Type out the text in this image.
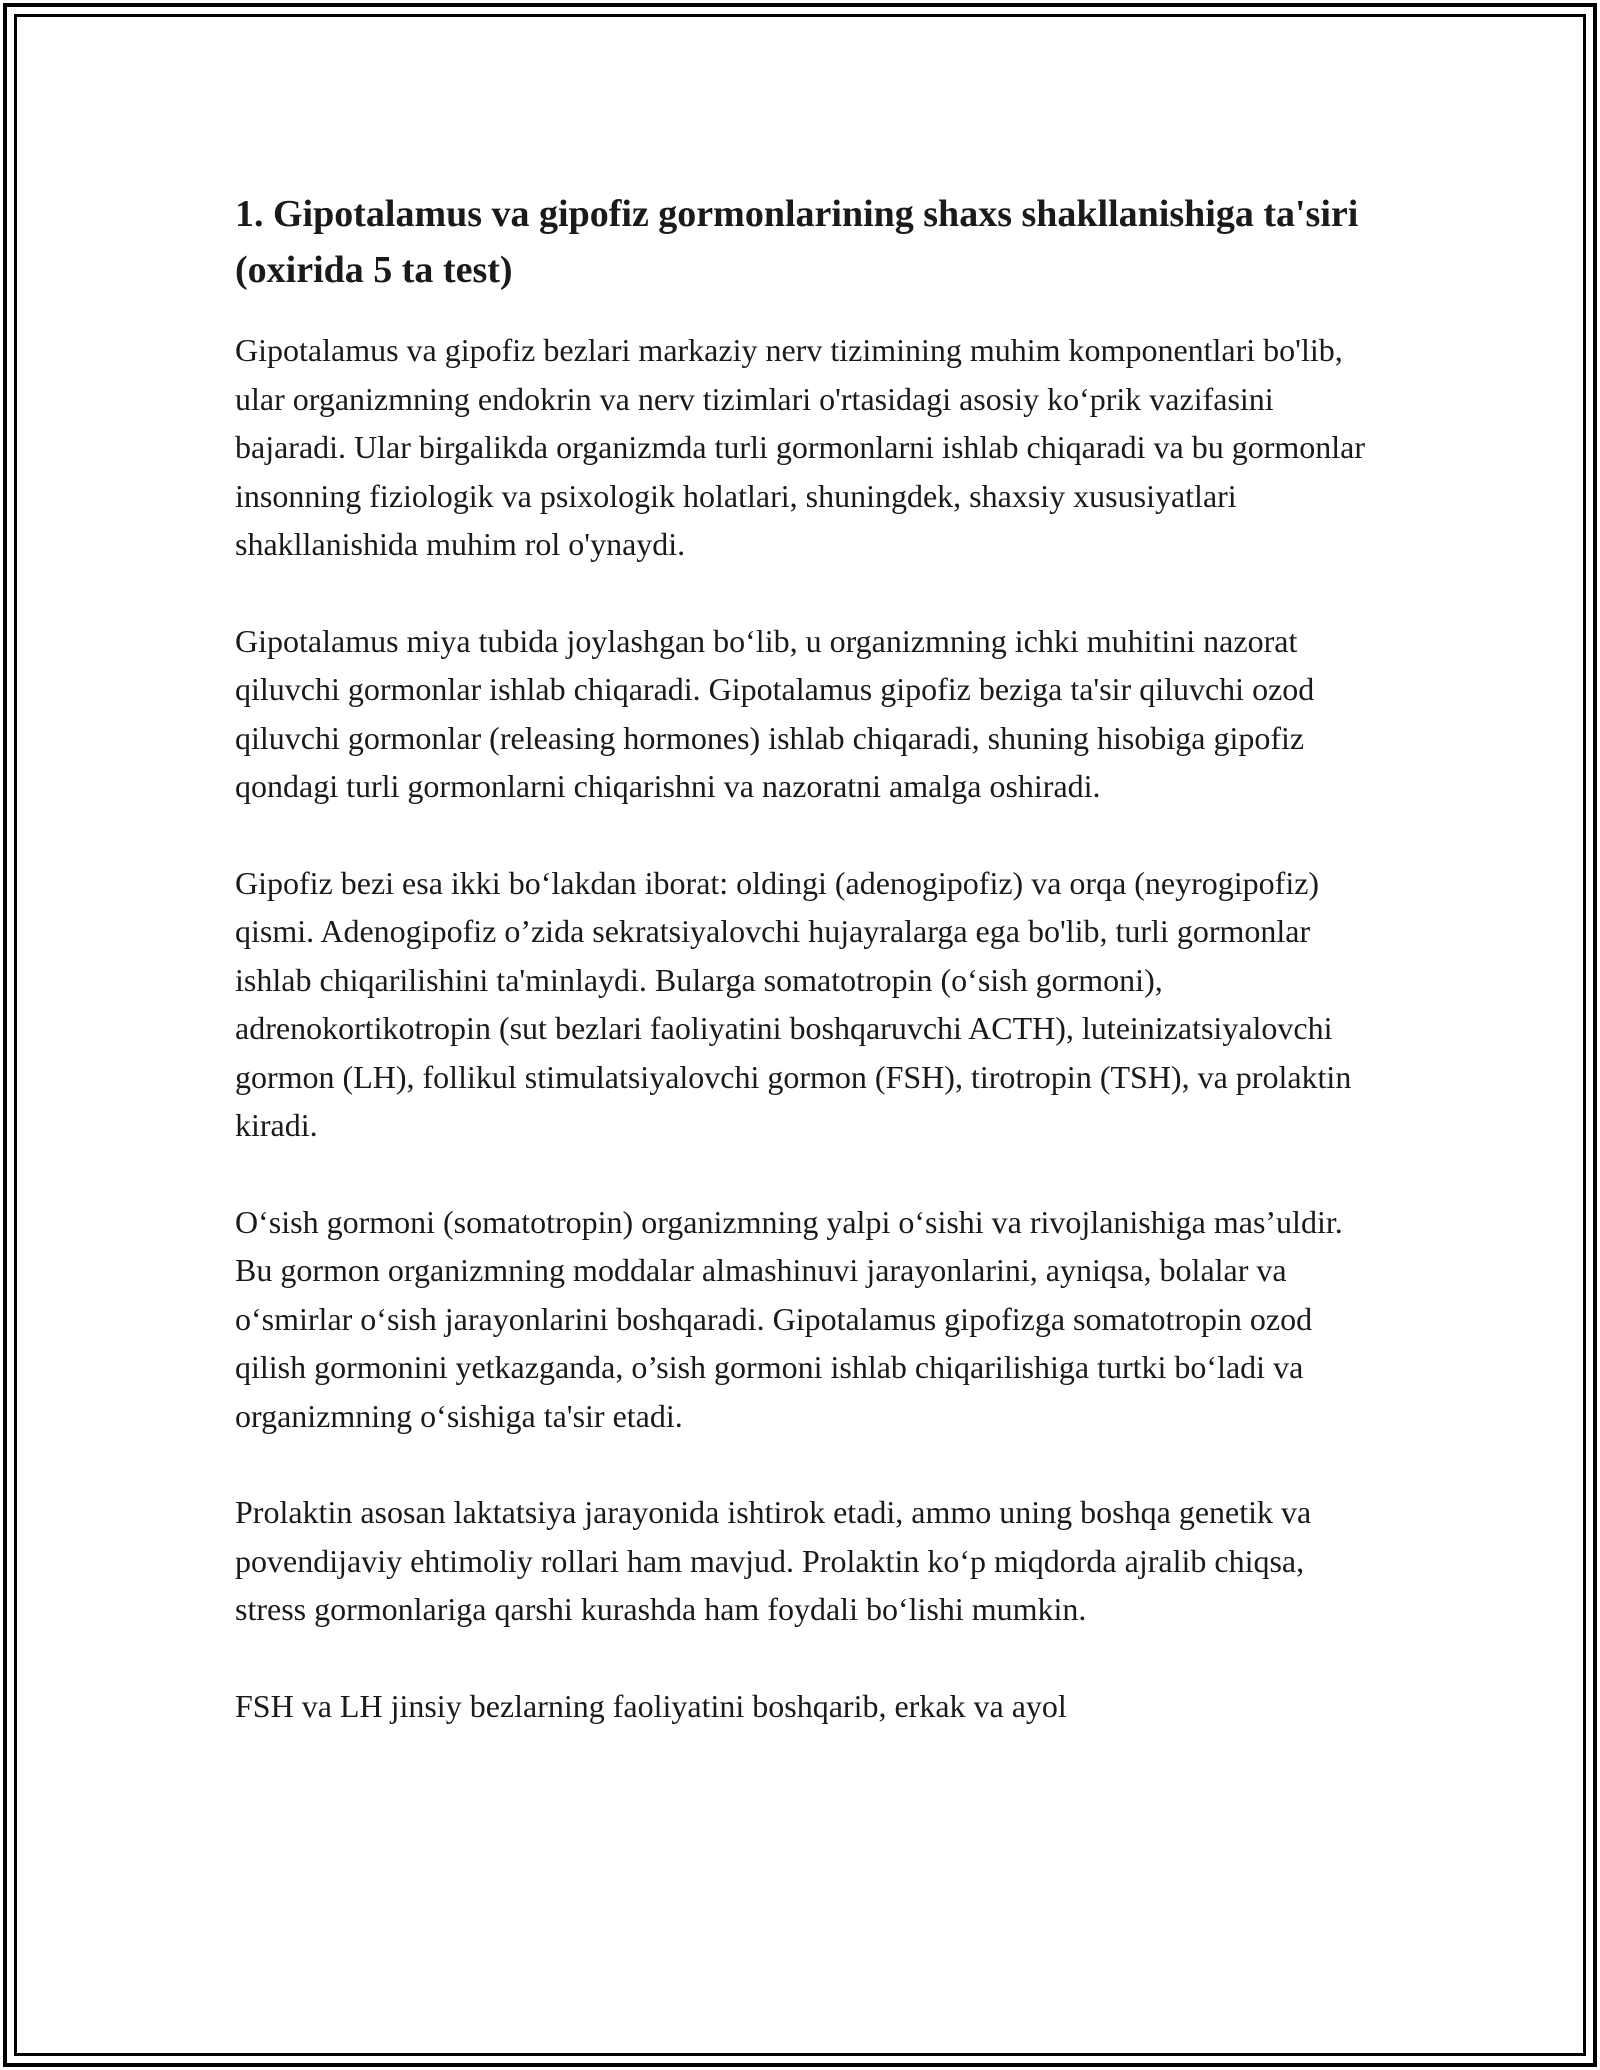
1. Gipotalamus va gipofiz gormonlarining shaxs shakllanishiga ta'siri (oxirida 5 ta test)

Gipotalamus va gipofiz bezlari markaziy nerv tizimining muhim komponentlari bo'lib, ular organizmning endokrin va nerv tizimlari o'rtasidagi asosiy ko‘prik vazifasini bajaradi. Ular birgalikda organizmda turli gormonlarni ishlab chiqaradi va bu gormonlar insonning fiziologik va psixologik holatlari, shuningdek, shaxsiy xususiyatlari shakllanishida muhim rol o'ynaydi.

Gipotalamus miya tubida joylashgan bo‘lib, u organizmning ichki muhitini nazorat qiluvchi gormonlar ishlab chiqaradi. Gipotalamus gipofiz beziga ta'sir qiluvchi ozod qiluvchi gormonlar (releasing hormones) ishlab chiqaradi, shuning hisobiga gipofiz qondagi turli gormonlarni chiqarishni va nazoratni amalga oshiradi.

Gipofiz bezi esa ikki bo‘lakdan iborat: oldingi (adenogipofiz) va orqa (neyrogipofiz) qismi. Adenogipofiz o’zida sekratsiyalovchi hujayralarga ega bo'lib, turli gormonlar ishlab chiqarilishini ta'minlaydi. Bularga somatotropin (o‘sish gormoni), adrenokortikotropin (sut bezlari faoliyatini boshqaruvchi ACTH), luteinizatsiyalovchi gormon (LH), follikul stimulatsiyalovchi gormon (FSH), tirotropin (TSH), va prolaktin kiradi.

O‘sish gormoni (somatotropin) organizmning yalpi o‘sishi va rivojlanishiga mas’uldir. Bu gormon organizmning moddalar almashinuvi jarayonlarini, ayniqsa, bolalar va o‘smirlar o‘sish jarayonlarini boshqaradi. Gipotalamus gipofizga somatotropin ozod qilish gormonini yetkazganda, o’sish gormoni ishlab chiqarilishiga turtki bo‘ladi va organizmning o‘sishiga ta'sir etadi.

Prolaktin asosan laktatsiya jarayonida ishtirok etadi, ammo uning boshqa genetik va povendijaviy ehtimoliy rollari ham mavjud. Prolaktin ko‘p miqdorda ajralib chiqsa, stress gormonlariga qarshi kurashda ham foydali bo‘lishi mumkin.

FSH va LH jinsiy bezlarning faoliyatini boshqarib, erkak va ayol
